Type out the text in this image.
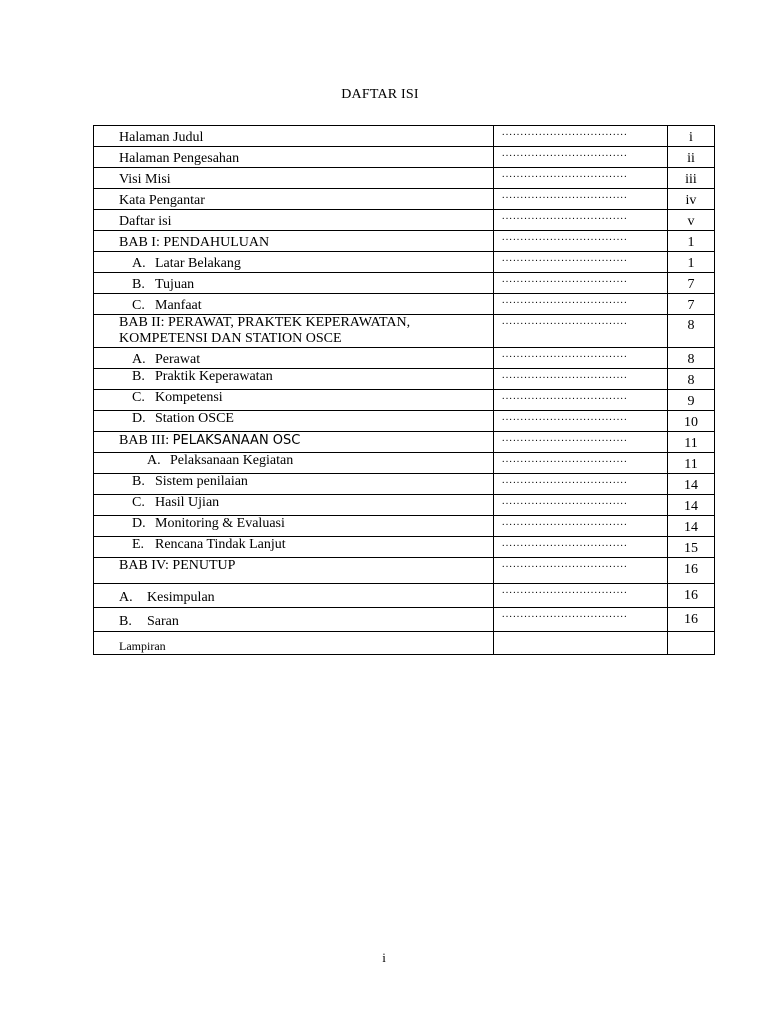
DAFTAR ISI
Halaman Judul	..................................	i

Halaman Pengesahan	..................................	ii

Visi Misi	..................................	iii

Kata Pengantar	..................................	iv

Daftar isi	..................................	v

BAB I: PENDAHULUAN	..................................	1

A. Latar Belakang	..................................	1

B. Tujuan	..................................	7

C. Manfaat	..................................	7

BAB II: PERAWAT, PRAKTEK KEPERAWATAN,
KOMPETENSI DAN STATION OSCE	..................................	8

A. Perawat	..................................	8

B. Praktik Keperawatan	..................................	8

C. Kompetensi	..................................	9

D. Station OSCE	..................................	10

BAB III: PELAKSANAAN OSC	..................................	11

A. Pelaksanaan Kegiatan	..................................	11

B. Sistem penilaian	..................................	14

C. Hasil Ujian	..................................	14

D. Monitoring & Evaluasi	..................................	14

E. Rencana Tindak Lanjut	..................................	15

BAB IV: PENUTUP	..................................	16

A. Kesimpulan	..................................	16

B. Saran	..................................	16

Lampiran		

i
